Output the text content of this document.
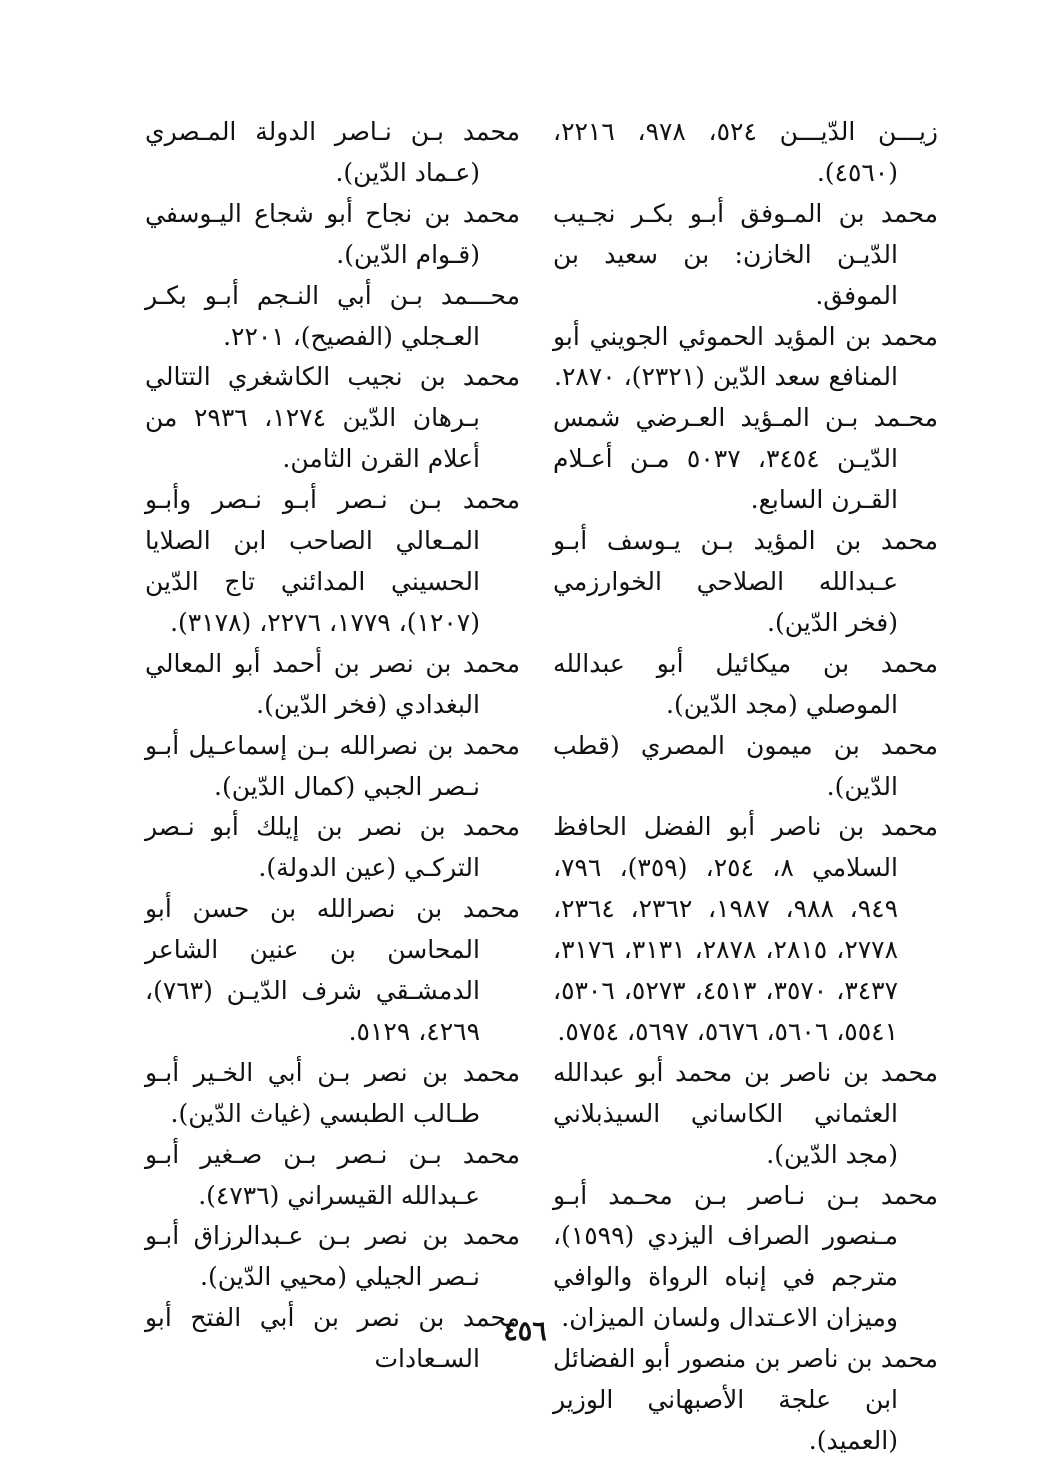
زيـــن الدّيـــن ٥٢٤، ٩٧٨، ٢٢١٦، (٤٥٦٠).

محمد بن المـوفق أبـو بكـر نجـيب الدّيـن الخازن: بن سعيد بن الموفق.

محمد بن المؤيد الحموئي الجويني أبو المنافع سعد الدّين (٢٣٢١)، ٢٨٧٠.

محـمد بـن المـؤيد العـرضي شمس الدّيـن ٣٤٥٤، ٥٠٣٧ مـن أعـلام القـرن السابع.

محمد بن المؤيد بـن يـوسف أبـو عـبدالله الصلاحي الخوارزمي (فخر الدّين).

محمد بن ميكائيل أبو عبدالله الموصلي (مجد الدّين).

محمد بن ميمون المصري (قطب الدّين).

محمد بن ناصر أبو الفضل الحافظ السلامي ٨، ٢٥٤، (٣٥٩)، ٧٩٦، ٩٤٩، ٩٨٨، ١٩٨٧، ٢٣٦٢، ٢٣٦٤، ٢٧٧٨، ٢٨١٥، ٢٨٧٨، ٣١٣١، ٣١٧٦، ٣٤٣٧، ٣٥٧٠، ٤٥١٣، ٥٢٧٣، ٥٣٠٦، ٥٥٤١، ٥٦٠٦، ٥٦٧٦، ٥٦٩٧، ٥٧٥٤.

محمد بن ناصر بن محمد أبو عبدالله العثماني الكاساني السيذبلاني (مجد الدّين).

محمد بـن نـاصر بـن محـمد أبـو مـنصور الصراف اليزدي (١٥٩٩)، مترجم في إنباه الرواة والوافي وميزان الاعـتدال ولسان الميزان.

محمد بن ناصر بن منصور أبو الفضائل ابن علجة الأصبهاني الوزير (العميد).

محمد بـن نـاصر الدولة المـصري (عـماد الدّين).

محمد بن نجاح أبو شجاع اليـوسفي (قـوام الدّين).

محـــمد بـن أبي النـجم أبـو بكـر العـجلي (الفصيح)، ٢٢٠١.

محمد بن نجيب الكاشغري التتالي بـرهان الدّين ١٢٧٤، ٢٩٣٦ من أعلام القرن الثامن.

محمد بـن نـصر أبـو نـصر وأبـو المـعالي الصاحب ابن الصلايا الحسيني المدائني تاج الدّين (١٢٠٧)، ١٧٧٩، ٢٢٧٦، (٣١٧٨).

محمد بن نصر بن أحمد أبو المعالي البغدادي (فخر الدّين).

محمد بن نصرالله بـن إسماعـيل أبـو نـصر الجبي (كمال الدّين).

محمد بن نصر بن إيلك أبو نـصر التركـي (عين الدولة).

محمد بن نصرالله بن حسن أبو المحاسن بن عنين الشاعر الدمشـقي شرف الدّيـن (٧٦٣)، ٤٢٦٩، ٥١٢٩.

محمد بن نصر بـن أبي الخـير أبـو طـالب الطبسي (غياث الدّين).

محمد بـن نـصر بـن صـغير أبـو عـبدالله القيسراني (٤٧٣٦).

محمد بن نصر بـن عـبدالرزاق أبـو نـصر الجيلي (محيي الدّين).

محمد بن نصر بن أبي الفتح أبو السـعادات

٤٥٦
